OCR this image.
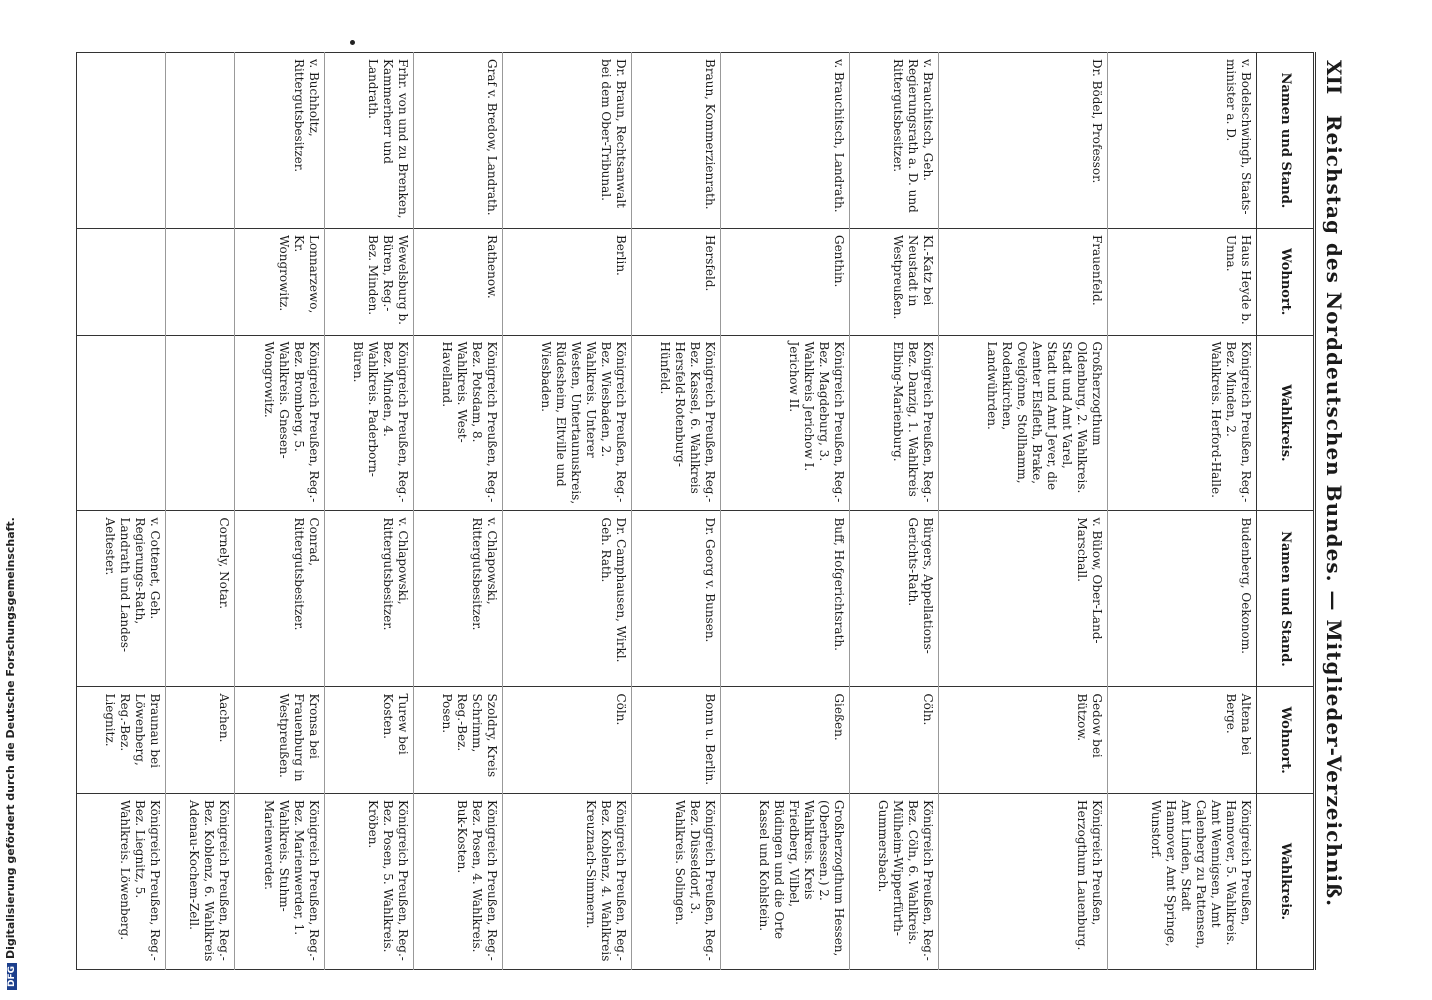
XII
Reichstag des Norddeutschen Bundes. — Mitglieder-Verzeichniß.
Namen und Stand.	Wohnort.	Wahlkreis.	Namen und Stand.	Wohnort.	Wahlkreis.
v. Bodelschwingh, Staats-minister a. D.	Haus Heyde b. Unna.	Königreich Preußen, Reg.-Bez. Minden, 2. Wahlkreis. Herford-Halle.	Budenberg, Oekonom.	Altena bei Berge.	Königreich Preußen, Hannover, 5. Wahlkreis. Amt Wennigsen, Amt Calenberg zu Pattensen, Amt Linden, Stadt Hannover, Amt Springe, Wunstorf.
Dr. Bödel, Professor.	Frauenfeld.	Großherzogthum Oldenburg, 2. Wahlkreis. Stadt und Amt Varel, Stadt und Amt Jever, die Aemter Elsfleth, Brake, Ovelgönne, Stollhamm, Rodenkirchen, Landwührden.	v. Bülow, Ober-Land-Marschall.	Gedow bei Bützow.	Königreich Preußen, Herzogthum Lauenburg.
v. Brauchitsch, Geh. Regierungsrath a. D. und Rittergutsbesitzer.	Kl.-Katz bei Neustadt in Westpreußen.	Königreich Preußen, Reg.-Bez. Danzig, 1. Wahlkreis Elbing-Marienburg.	Bürgers, Appellations-Gerichts-Rath.	Cöln.	Königreich Preußen, Reg.-Bez. Cöln, 6. Wahlkreis. Mülheim-Wipperfürth-Gummersbach.
v. Brauchitsch, Landrath.	Genthin.	Königreich Preußen, Reg.-Bez. Magdeburg, 3. Wahlkreis Jerichow I. Jerichow II.	Buff, Hofgerichtsrath.	Gießen.	Großherzogthum Hessen, (Oberhessen.) 2. Wahlkreis. Kreis Friedberg, Vilbel, Büdingen und die Orte Kassel und Kohlstein.
Braun, Kommerzienrath.	Hersfeld.	Königreich Preußen, Reg.-Bez. Kassel, 6. Wahlkreis Hersfeld-Rotenburg-Hünfeld.	Dr. Georg v. Bunsen.	Bonn u. Berlin.	Königreich Preußen, Reg.-Bez. Düsseldorf, 3. Wahlkreis. Solingen.
Dr. Braun, Rechtsanwalt bei dem Ober-Tribunal.	Berlin.	Königreich Preußen, Reg.-Bez. Wiesbaden, 2. Wahlkreis. Unterer Westen, Untertaunuskreis, Rüdesheim, Eltville und Wiesbaden.	Dr. Camphausen, Wirkl. Geh. Rath.	Cöln.	Königreich Preußen, Reg.-Bez. Koblenz, 4. Wahlkreis Kreuznach-Simmern.
Graf v. Bredow, Landrath.	Rathenow.	Königreich Preußen, Reg.-Bez. Potsdam, 8. Wahlkreis. West-Havelland.	v. Chlapowski, Rittergutsbesitzer.	Szoldry, Kreis Schrimm, Reg.-Bez. Posen.	Königreich Preußen, Reg.-Bez. Posen, 4. Wahlkreis. Buk-Kosten.
Frhr. von und zu Brenken, Kammerherr und Landrath.	Wewelsburg b. Büren, Reg.-Bez. Minden.	Königreich Preußen, Reg.-Bez. Minden, 4. Wahlkreis. Paderborn-Büren.	v. Chlapowski, Rittergutsbesitzer.	Turew bei Kosten.	Königreich Preußen, Reg.-Bez. Posen, 5. Wahlkreis. Kröben.
v. Buchholtz, Rittergutsbesitzer.	Lonnarzewo, Kr. Wongrowitz.	Königreich Preußen, Reg.-Bez. Bromberg, 5. Wahlkreis. Gnesen-Wongrowitz.	Conrad, Rittergutsbesitzer.	Kronsa bei Frauenburg in Westpreußen.	Königreich Preußen, Reg.-Bez. Marienwerder, 1. Wahlkreis. Stuhm-Marienwerder.
			Cornely, Notar.	Aachen.	Königreich Preußen, Reg.-Bez. Koblenz, 6. Wahlkreis Adenau-Kochem-Zell.
			v. Cottenet, Geh. Regierungs-Rath, Landrath und Landes-Aeltester.	Braunau bei Löwenberg, Reg.-Bez. Liegnitz.	Königreich Preußen, Reg.-Bez. Liegnitz, 5. Wahlkreis. Löwenberg.
DFGDigitalisierung gefördert durch die Deutsche Forschungsgemeinschaft.
